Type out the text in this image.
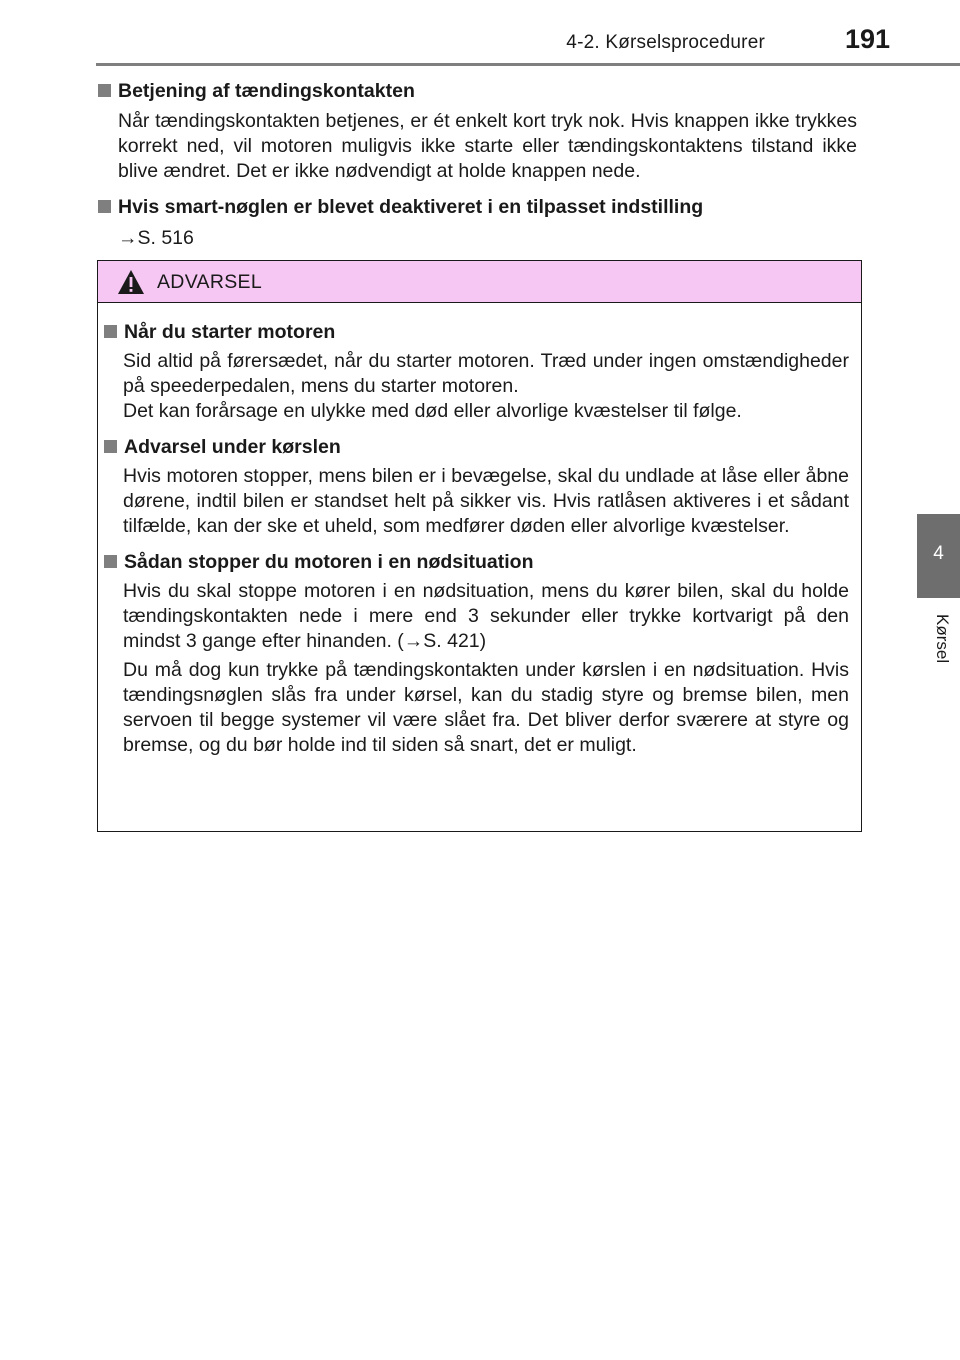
4-2. Kørselsprocedurer	191
4
Kørsel
Betjening af tændingskontakten
Når tændingskontakten betjenes, er ét enkelt kort tryk nok. Hvis knappen ikke trykkes korrekt ned, vil motoren muligvis ikke starte eller tændingskontaktens tilstand ikke blive ændret. Det er ikke nødvendigt at holde knappen nede.
Hvis smart-nøglen er blevet deaktiveret i en tilpasset indstilling
→S. 516
ADVARSEL
Når du starter motoren
Sid altid på førersædet, når du starter motoren. Træd under ingen omstændigheder på speederpedalen, mens du starter motoren.
Det kan forårsage en ulykke med død eller alvorlige kvæstelser til følge.
Advarsel under kørslen
Hvis motoren stopper, mens bilen er i bevægelse, skal du undlade at låse eller åbne dørene, indtil bilen er standset helt på sikker vis. Hvis ratlåsen aktiveres i et sådant tilfælde, kan der ske et uheld, som medfører døden eller alvorlige kvæstelser.
Sådan stopper du motoren i en nødsituation
Hvis du skal stoppe motoren i en nødsituation, mens du kører bilen, skal du holde tændingskontakten nede i mere end 3 sekunder eller trykke kortvarigt på den mindst 3 gange efter hinanden. (→S. 421)
Du må dog kun trykke på tændingskontakten under kørslen i en nødsituation. Hvis tændingsnøglen slås fra under kørsel, kan du stadig styre og bremse bilen, men servoen til begge systemer vil være slået fra. Det bliver derfor sværere at styre og bremse, og du bør holde ind til siden så snart, det er muligt.
